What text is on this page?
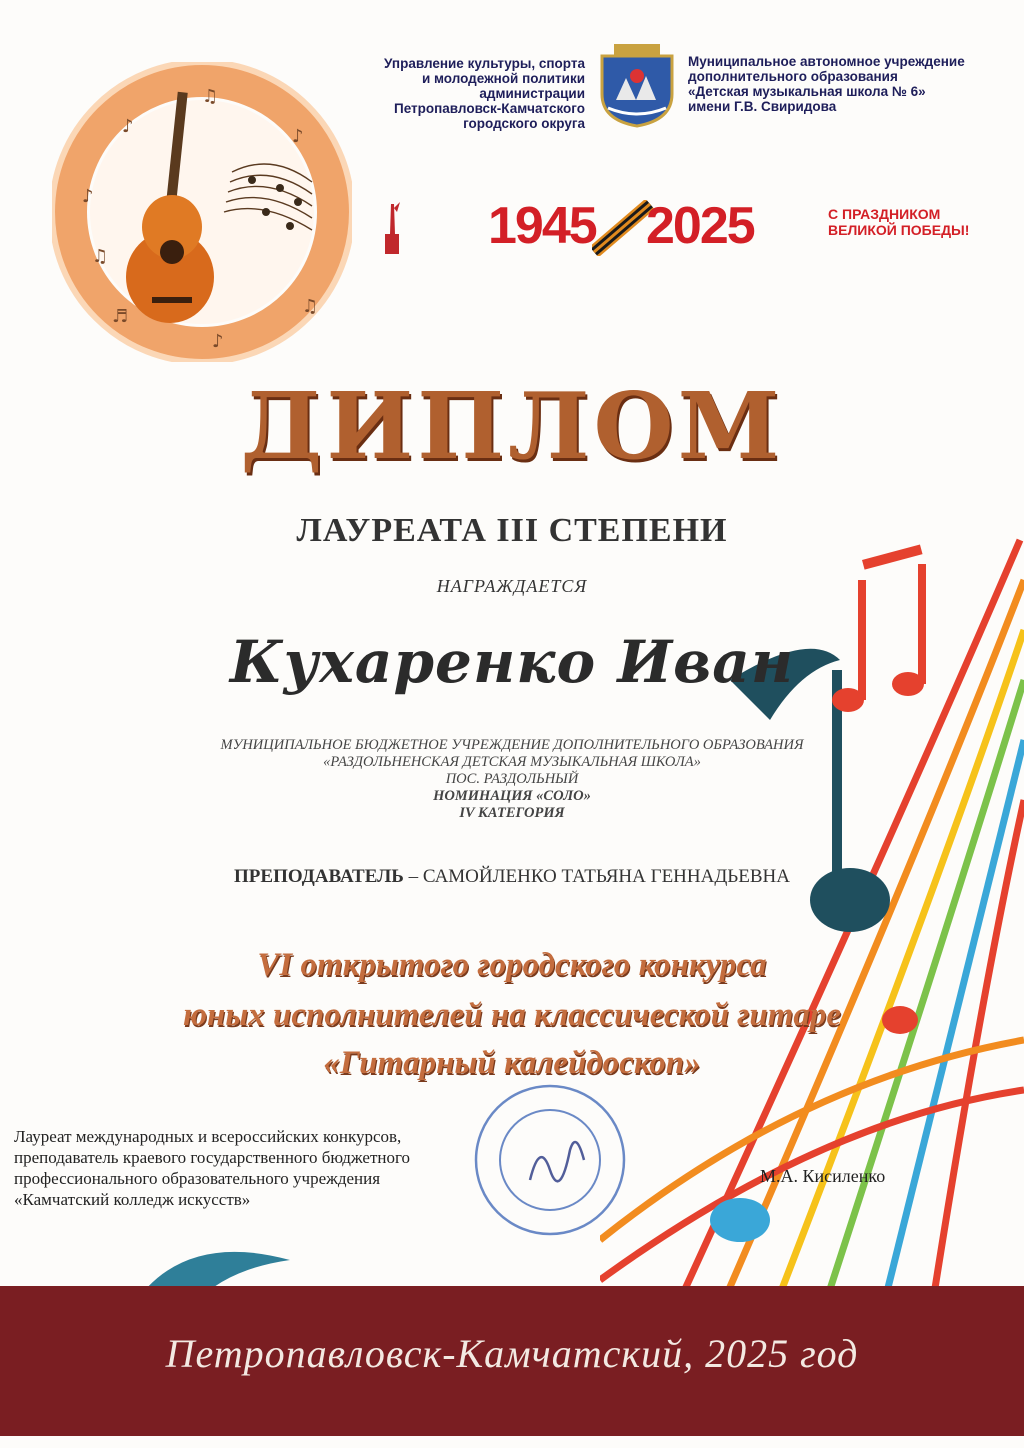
♪
♫
♪
♫
♪
♬
♪
♫
Управление культуры, спорта
и молодежной политики
администрации
Петропавловск-Камчатского
городского округа
Муниципальное автономное учреждение
дополнительного образования
«Детская музыкальная школа № 6»
имени Г.В. Свиридова
1945 2025	С ПРАЗДНИКОМ
ВЕЛИКОЙ ПОБЕДЫ!
ДИПЛОМ
ЛАУРЕАТА III СТЕПЕНИ
НАГРАЖДАЕТСЯ
Кухаренко Иван
МУНИЦИПАЛЬНОЕ БЮДЖЕТНОЕ УЧРЕЖДЕНИЕ ДОПОЛНИТЕЛЬНОГО ОБРАЗОВАНИЯ
«РАЗДОЛЬНЕНСКАЯ ДЕТСКАЯ МУЗЫКАЛЬНАЯ ШКОЛА»
ПОС. РАЗДОЛЬНЫЙ
НОМИНАЦИЯ «СОЛО»
IV КАТЕГОРИЯ
ПРЕПОДАВАТЕЛЬ – САМОЙЛЕНКО ТАТЬЯНА ГЕННАДЬЕВНА
VI открытого городского конкурса
юных исполнителей на классической гитаре
«Гитарный калейдоскоп»
Лауреат международных и всероссийских конкурсов,
преподаватель краевого государственного бюджетного
профессионального образовательного учреждения
«Камчатский колледж искусств»
М.А. Кисиленко
Петропавловск-Камчатский, 2025 год
